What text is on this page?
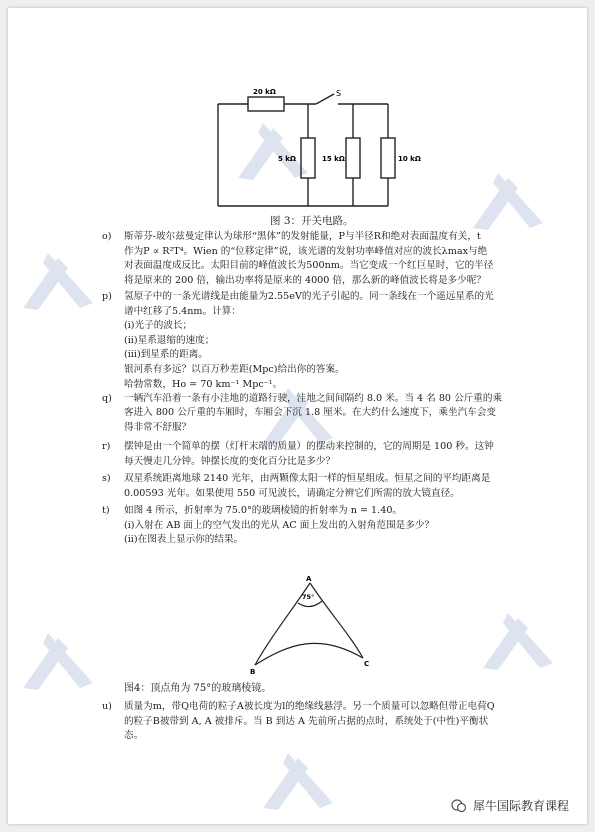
20 kΩ
5 kΩ	15 kΩ	10 kΩ
S
图 3：开关电路。
o)	斯蒂芬-玻尔兹曼定律认为球形“黑体”的发射能量，P与半径R和绝对表面温度有关，t
作为P ∝ R²T⁴。Wien 的“位移定律”说，该光谱的发射功率峰值对应的波长λmax与绝
对表面温度成反比。太阳目前的峰值波长为500nm。当它变成一个红巨星时，它的半径
将是原来的 200 倍，输出功率将是原来的 4000 倍，那么新的峰值波长将是多少呢？
p)	氢原子中的一条光谱线是由能量为2.55eV的光子引起的。同一条线在一个遥远星系的光
谱中红移了5.4nm。计算：
(i)光子的波长；
(ii)星系退缩的速度；
(iii)到星系的距离。
银河系有多远？以百万秒差距(Mpc)给出你的答案。
哈勃常数，Ho = 70 km⁻¹ Mpc⁻¹。
一辆汽车沿着一条有小洼地的道路行驶，洼地之间间隔约 8.0 米。当 4 名 80 公斤重的乘
q)
客进入 800 公斤重的车厢时，车厢会下沉 1.8 厘米。在大约什么速度下，乘坐汽车会变
得非常不舒服？
r)	摆钟是由一个简单的摆（灯杆末端的质量）的摆动来控制的，它的周期是 100 秒。这钟
每天慢走几分钟。钟摆长度的变化百分比是多少？
s)	双星系统距离地球 2140 光年，由两颗像太阳一样的恒星组成。恒星之间的平均距离是
0.00593 光年。如果使用 550 可见波长，请确定分辨它们所需的放大镜直径。
t)	如图 4 所示，折射率为 75.0°的玻璃棱镜的折射率为 n = 1.40。
(i)入射在 AB 面上的空气发出的光从 AC 面上发出的入射角范围是多少？
(ii)在图表上显示你的结果。
A
B
C
75°
图4：顶点角为 75°的玻璃棱镜。
u)	质量为m，带Q电荷的粒子A被长度为l的绝缘线悬浮。另一个质量可以忽略但带正电荷Q
的粒子B被带到 A, A 被排斥。当 B 到达 A 先前所占据的点时，系统处于(中性)平衡状
态。
犀牛国际教育课程
